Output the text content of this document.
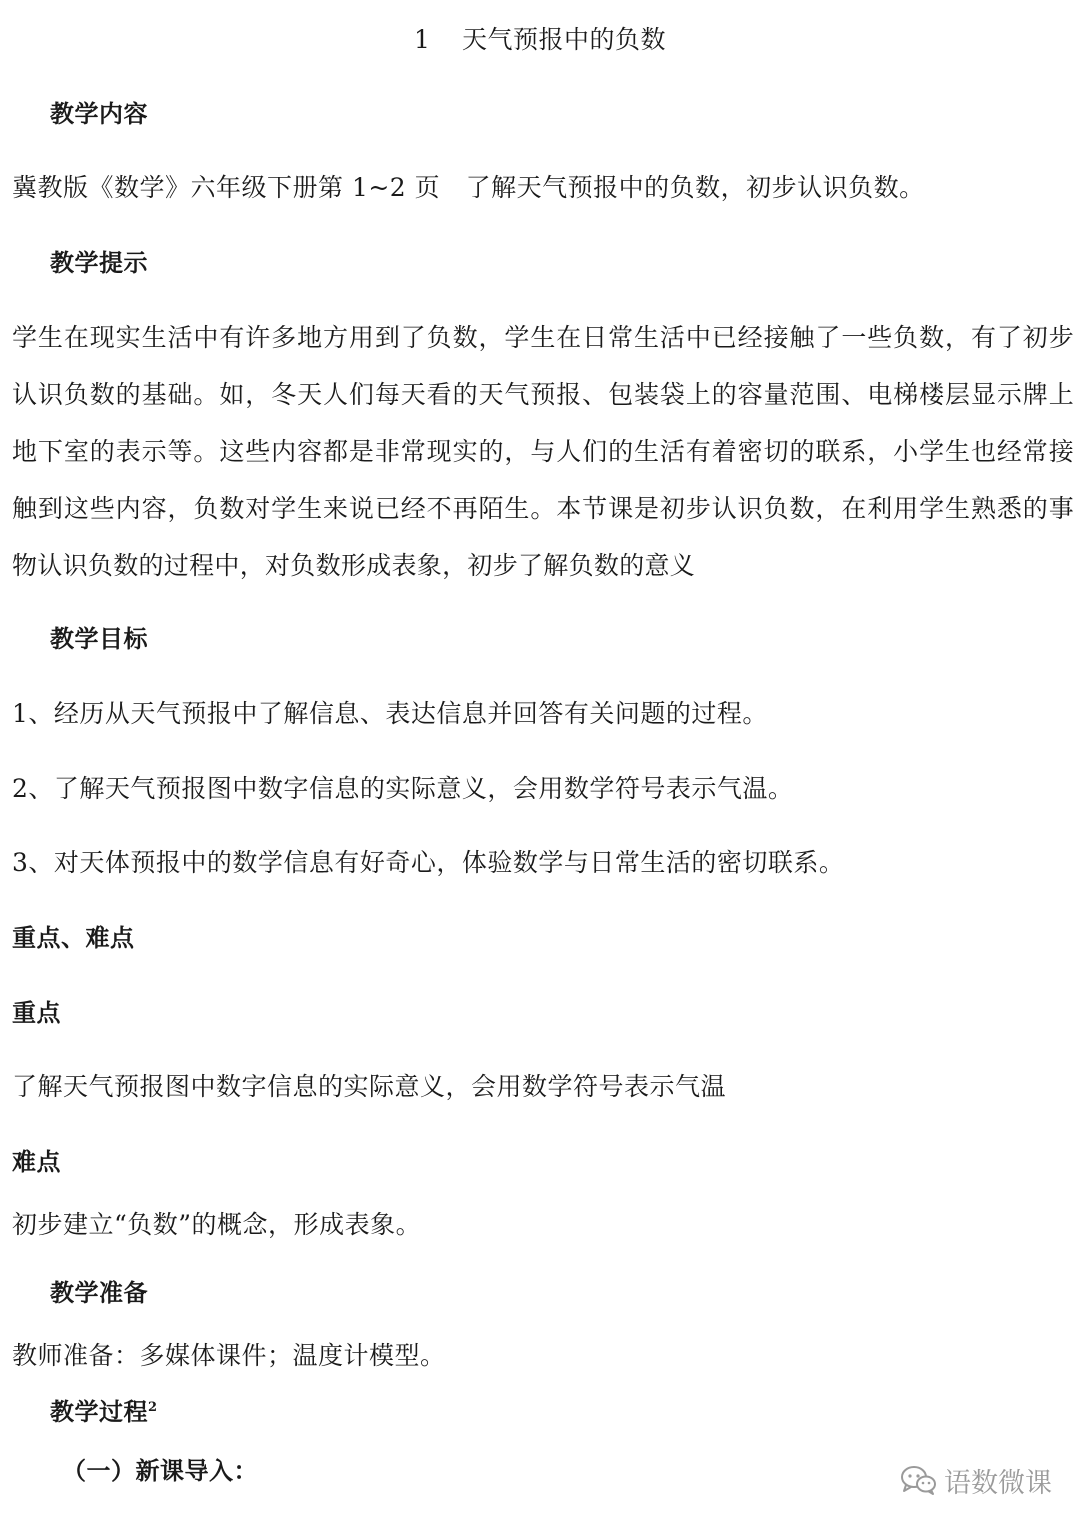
1 天气预报中的负数
教学内容
冀教版《数学》六年级下册第 1~2 页　了解天气预报中的负数，初步认识负数。
教学提示
学生在现实生活中有许多地方用到了负数，学生在日常生活中已经接触了一些负数，有了初步认识负数的基础。如，冬天人们每天看的天气预报、包装袋上的容量范围、电梯楼层显示牌上地下室的表示等。这些内容都是非常现实的，与人们的生活有着密切的联系，小学生也经常接触到这些内容，负数对学生来说已经不再陌生。本节课是初步认识负数，在利用学生熟悉的事物认识负数的过程中，对负数形成表象，初步了解负数的意义
教学目标
1、经历从天气预报中了解信息、表达信息并回答有关问题的过程。
2、了解天气预报图中数字信息的实际意义，会用数学符号表示气温。
3、对天体预报中的数学信息有好奇心，体验数学与日常生活的密切联系。
重点、难点
重点
了解天气预报图中数字信息的实际意义，会用数学符号表示气温
难点
初步建立“负数”的概念，形成表象。
教学准备
教师准备：多媒体课件；温度计模型。
教学过程$^2$
（一）新课导入：	语数微课
